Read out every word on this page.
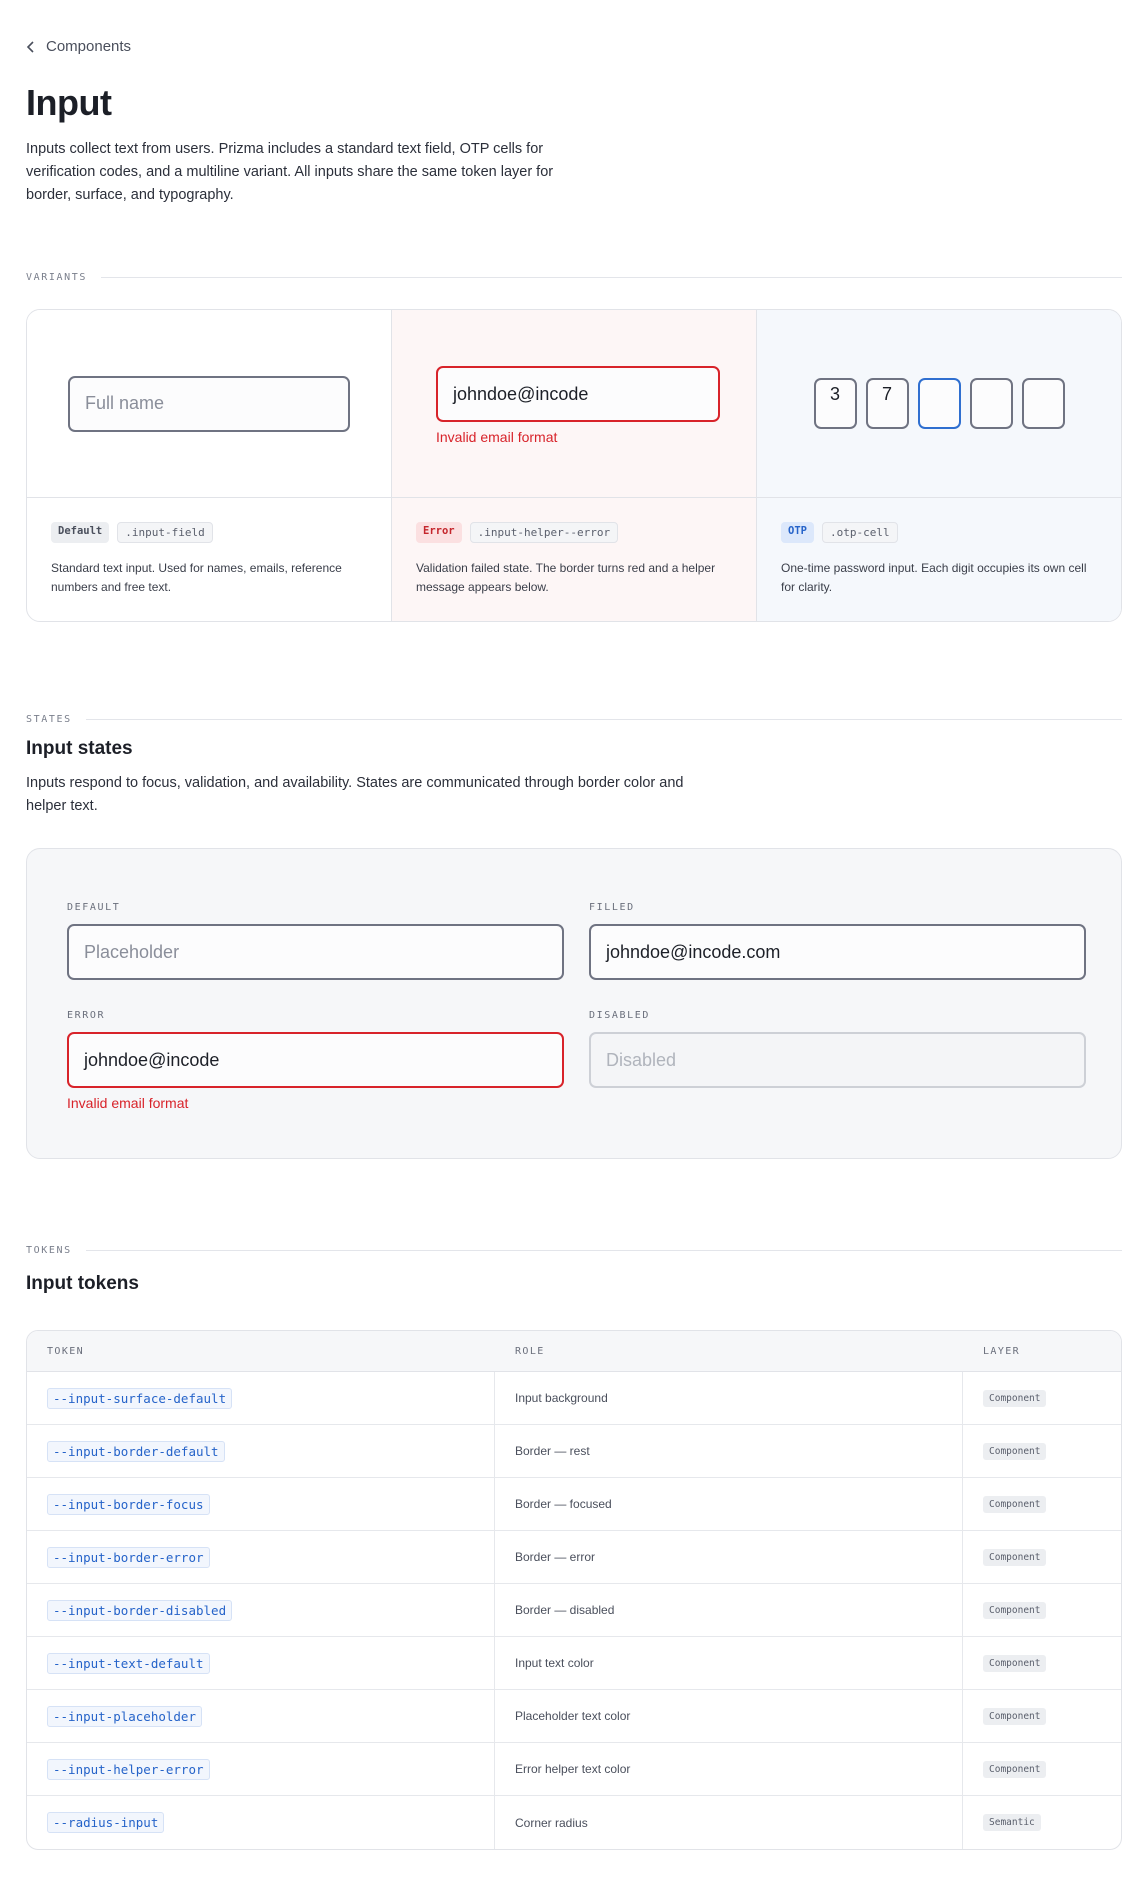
Components
Input

Inputs collect text from users. Prizma includes a standard text field, OTP cells for verification codes, and a multiline variant. All inputs share the same token layer for border, surface, and typography.

VARIANTS
Full name
Default	.input-field

Standard text input. Used for names, emails, reference numbers and free text.

johndoe@incode
Invalid email format
Error	.input-helper--error

Validation failed state. The border turns red and a helper message appears below.

3	7
OTP	.otp-cell

One-time password input. Each digit occupies its own cell for clarity.

STATES
Input states

Inputs respond to focus, validation, and availability. States are communicated through border color and helper text.

DEFAULT
Placeholder
FILLED
johndoe@incode.com
ERROR
johndoe@incode
Invalid email format
DISABLED
Disabled
TOKENS
Input tokens
TOKEN	ROLE	LAYER
--input-surface-default	Input background	Component
--input-border-default	Border — rest	Component
--input-border-focus	Border — focused	Component
--input-border-error	Border — error	Component
--input-border-disabled	Border — disabled	Component
--input-text-default	Input text color	Component
--input-placeholder	Placeholder text color	Component
--input-helper-error	Error helper text color	Component
--radius-input	Corner radius	Semantic
